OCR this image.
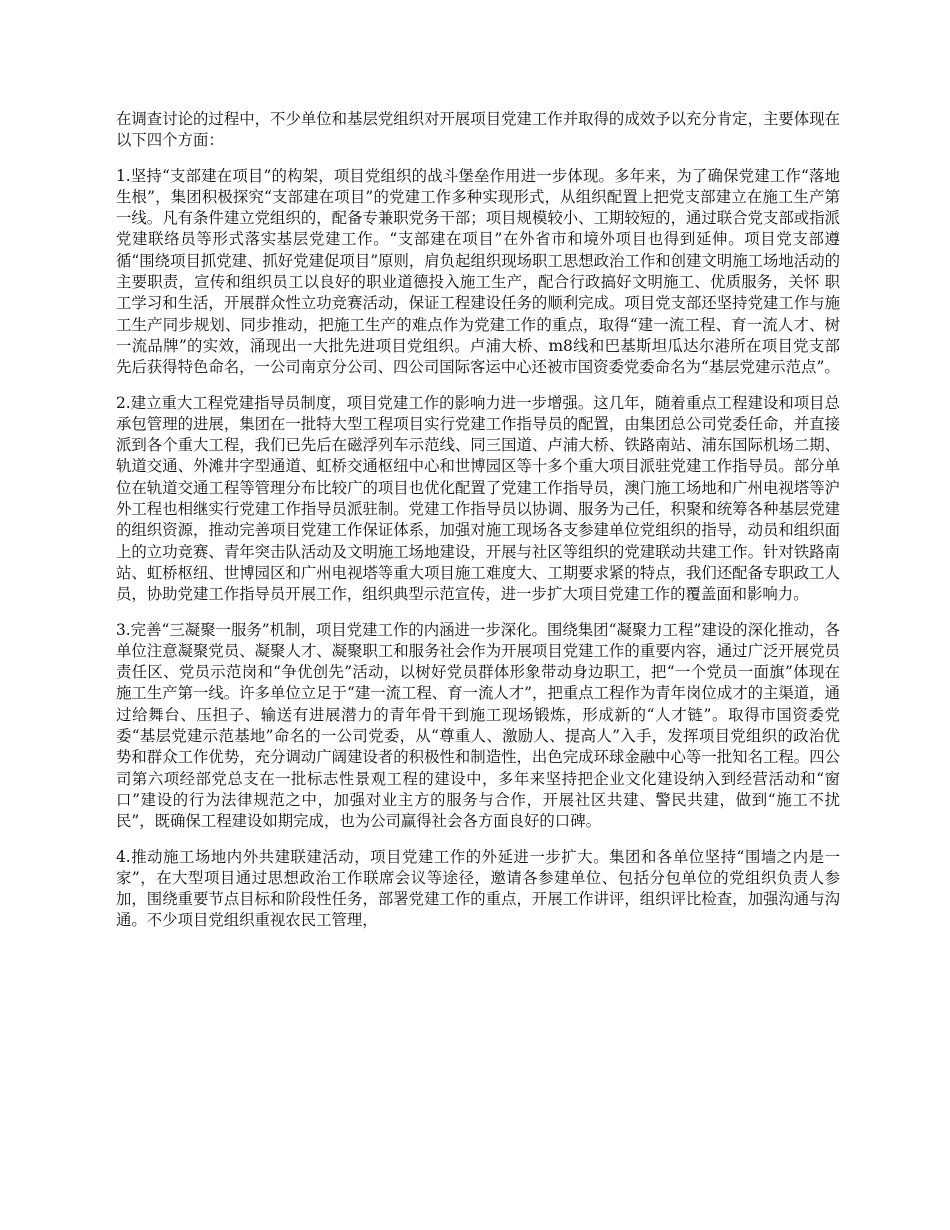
在调查讨论的过程中，不少单位和基层党组织对开展项目党建工作并取得的成效予以充分肯定，主要体现在以下四个方面：

1.坚持“支部建在项目”的构架，项目党组织的战斗堡垒作用进一步体现。多年来，为了确保党建工作“落地生根”，集团积极探究“支部建在项目”的党建工作多种实现形式，从组织配置上把党支部建立在施工生产第一线。凡有条件建立党组织的，配备专兼职党务干部；项目规模较小、工期较短的，通过联合党支部或指派党建联络员等形式落实基层党建工作。“支部建在项目”在外省市和境外项目也得到延伸。项目党支部遵循“围绕项目抓党建、抓好党建促项目”原则，肩负起组织现场职工思想政治工作和创建文明施工场地活动的主要职责，宣传和组织员工以良好的职业道德投入施工生产，配合行政搞好文明施工、优质服务，关怀 职工学习和生活，开展群众性立功竞赛活动，保证工程建设任务的顺利完成。项目党支部还坚持党建工作与施工生产同步规划、同步推动，把施工生产的难点作为党建工作的重点，取得“建一流工程、育一流人才、树一流品牌”的实效，涌现出一大批先进项目党组织。卢浦大桥、m8线和巴基斯坦瓜达尔港所在项目党支部先后获得特色命名，一公司南京分公司、四公司国际客运中心还被市国资委党委命名为“基层党建示范点”。

2.建立重大工程党建指导员制度，项目党建工作的影响力进一步增强。这几年，随着重点工程建设和项目总承包管理的进展，集团在一批特大型工程项目实行党建工作指导员的配置，由集团总公司党委任命，并直接派到各个重大工程，我们已先后在磁浮列车示范线、同三国道、卢浦大桥、铁路南站、浦东国际机场二期、轨道交通、外滩井字型通道、虹桥交通枢纽中心和世博园区等十多个重大项目派驻党建工作指导员。部分单位在轨道交通工程等管理分布比较广的项目也优化配置了党建工作指导员，澳门施工场地和广州电视塔等沪外工程也相继实行党建工作指导员派驻制。党建工作指导员以协调、服务为己任，积聚和统筹各种基层党建的组织资源，推动完善项目党建工作保证体系，加强对施工现场各支参建单位党组织的指导，动员和组织面上的立功竞赛、青年突击队活动及文明施工场地建设，开展与社区等组织的党建联动共建工作。针对铁路南站、虹桥枢纽、世博园区和广州电视塔等重大项目施工难度大、工期要求紧的特点，我们还配备专职政工人员，协助党建工作指导员开展工作，组织典型示范宣传，进一步扩大项目党建工作的覆盖面和影响力。

3.完善“三凝聚一服务”机制，项目党建工作的内涵进一步深化。围绕集团“凝聚力工程”建设的深化推动，各单位注意凝聚党员、凝聚人才、凝聚职工和服务社会作为开展项目党建工作的重要内容，通过广泛开展党员责任区、党员示范岗和“争优创先”活动，以树好党员群体形象带动身边职工，把“一个党员一面旗”体现在施工生产第一线。许多单位立足于“建一流工程、育一流人才”，把重点工程作为青年岗位成才的主渠道，通过给舞台、压担子、输送有进展潜力的青年骨干到施工现场锻炼，形成新的“人才链”。取得市国资委党委“基层党建示范基地”命名的一公司党委，从“尊重人、激励人、提高人”入手，发挥项目党组织的政治优势和群众工作优势，充分调动广阔建设者的积极性和制造性，出色完成环球金融中心等一批知名工程。四公司第六项经部党总支在一批标志性景观工程的建设中，多年来坚持把企业文化建设纳入到经营活动和“窗口”建设的行为法律规范之中，加强对业主方的服务与合作，开展社区共建、警民共建，做到“施工不扰民”，既确保工程建设如期完成，也为公司赢得社会各方面良好的口碑。

4.推动施工场地内外共建联建活动，项目党建工作的外延进一步扩大。集团和各单位坚持“围墙之内是一家”，在大型项目通过思想政治工作联席会议等途径，邀请各参建单位、包括分包单位的党组织负责人参加，围绕重要节点目标和阶段性任务，部署党建工作的重点，开展工作讲评，组织评比检查，加强沟通与沟通。不少项目党组织重视农民工管理，
